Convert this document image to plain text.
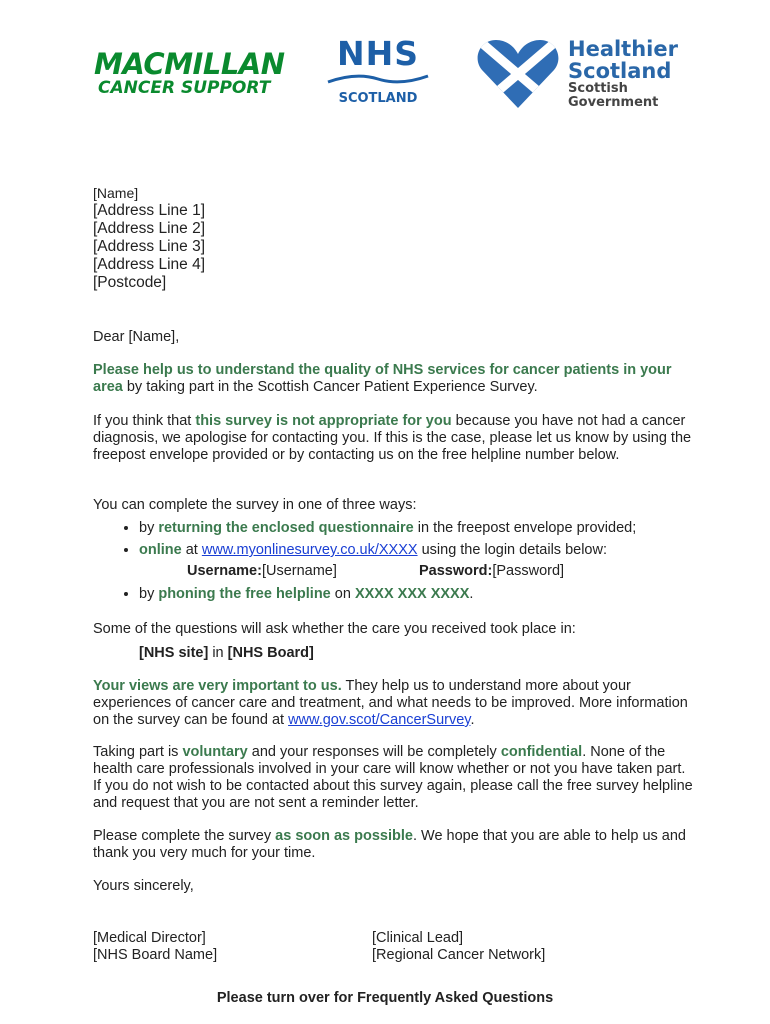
MACMILLAN
CANCER SUPPORT
NHS
SCOTLAND
Healthier
Scotland
Scottish
Government
[Name]
[Address Line 1]
[Address Line 2]
[Address Line 3]
[Address Line 4]
[Postcode]
Dear [Name],
Please help us to understand the quality of NHS services for cancer patients in your area by taking part in the Scottish Cancer Patient Experience Survey.
If you think that this survey is not appropriate for you because you have not had a cancer diagnosis, we apologise for contacting you. If this is the case, please let us know by using the freepost envelope provided or by contacting us on the free helpline number below.
You can complete the survey in one of three ways:
• by returning the enclosed questionnaire in the freepost envelope provided;
• online at www.myonlinesurvey.co.uk/XXXX using the login details below:
Username:[Username]	Password:[Password]
• by phoning the free helpline on XXXX XXX XXXX.
Some of the questions will ask whether the care you received took place in:
[NHS site] in [NHS Board]
Your views are very important to us. They help us to understand more about your experiences of cancer care and treatment, and what needs to be improved. More information on the survey can be found at www.gov.scot/CancerSurvey.
Taking part is voluntary and your responses will be completely confidential. None of the health care professionals involved in your care will know whether or not you have taken part. If you do not wish to be contacted about this survey again, please call the free survey helpline and request that you are not sent a reminder letter.
Please complete the survey as soon as possible. We hope that you are able to help us and thank you very much for your time.
Yours sincerely,
[Medical Director]
[NHS Board Name]
[Clinical Lead]
[Regional Cancer Network]
Please turn over for Frequently Asked Questions
